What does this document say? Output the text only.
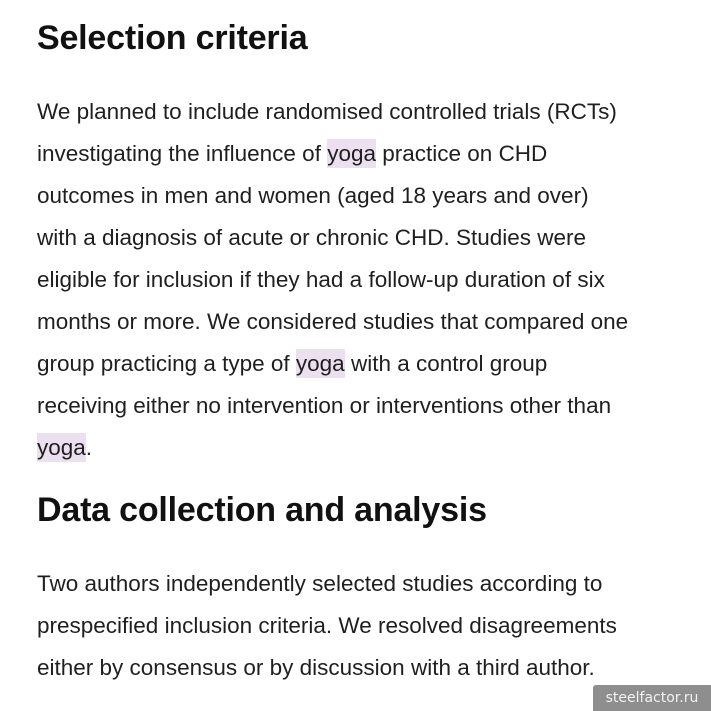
Selection criteria

We planned to include randomised controlled trials (RCTs)
investigating the influence of yoga practice on CHD
outcomes in men and women (aged 18 years and over)
with a diagnosis of acute or chronic CHD. Studies were
eligible for inclusion if they had a follow-up duration of six
months or more. We considered studies that compared one
group practicing a type of yoga with a control group
receiving either no intervention or interventions other than
yoga.

Data collection and analysis

Two authors independently selected studies according to
prespecified inclusion criteria. We resolved disagreements
either by consensus or by discussion with a third author.

steelfactor.ru
